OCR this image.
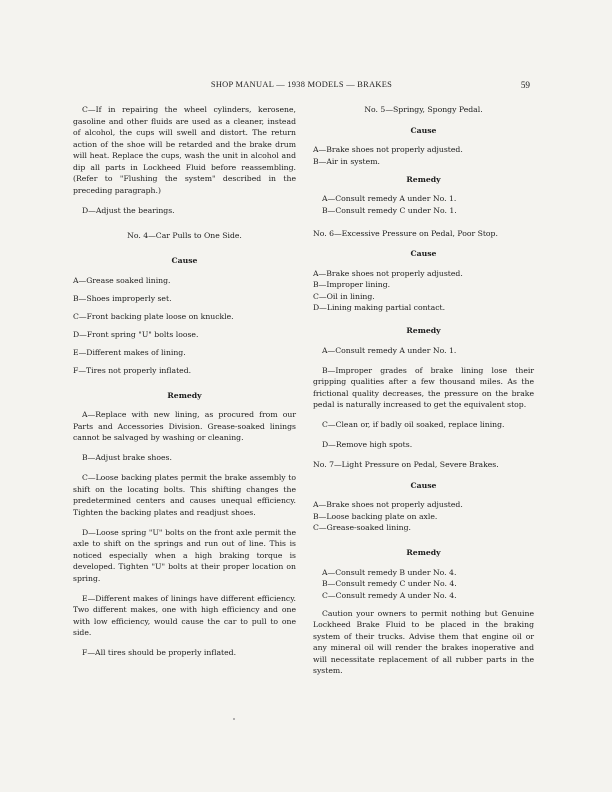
SHOP MANUAL — 1938 MODELS — BRAKES	59

C—If in repairing the wheel cylinders, kerosene, gasoline and other fluids are used as a cleaner, instead of alcohol, the cups will swell and distort. The return action of the shoe will be retarded and the brake drum will heat. Replace the cups, wash the unit in alcohol and dip all parts in Lockheed Fluid before reassembling. (Refer to "Flushing the system" described in the preceding paragraph.)

D—Adjust the bearings.

No. 4—Car Pulls to One Side.
Cause
A—Grease soaked lining.
B—Shoes improperly set.
C—Front backing plate loose on knuckle.
D—Front spring "U" bolts loose.
E—Different makes of lining.
F—Tires not properly inflated.
Remedy

A—Replace with new lining, as procured from our Parts and Accessories Division. Grease-soaked linings cannot be salvaged by washing or cleaning.

B—Adjust brake shoes.

C—Loose backing plates permit the brake assembly to shift on the locating bolts. This shifting changes the predetermined centers and causes unequal efficiency. Tighten the backing plates and readjust shoes.

D—Loose spring "U" bolts on the front axle permit the axle to shift on the springs and run out of line. This is noticed especially when a high braking torque is developed. Tighten "U" bolts at their proper location on spring.

E—Different makes of linings have different efficiency. Two different makes, one with high efficiency and one with low efficiency, would cause the car to pull to one side.

F—All tires should be properly inflated.

No. 5—Springy, Spongy Pedal.
Cause
A—Brake shoes not properly adjusted.
B—Air in system.
Remedy
A—Consult remedy A under No. 1.
B—Consult remedy C under No. 1.
No. 6—Excessive Pressure on Pedal, Poor Stop.
Cause
A—Brake shoes not properly adjusted.
B—Improper lining.
C—Oil in lining.
D—Lining making partial contact.
Remedy

A—Consult remedy A under No. 1.

B—Improper grades of brake lining lose their gripping qualities after a few thousand miles. As the frictional quality decreases, the pressure on the brake pedal is naturally increased to get the equivalent stop.

C—Clean or, if badly oil soaked, replace lining.

D—Remove high spots.

No. 7—Light Pressure on Pedal, Severe Brakes.
Cause
A—Brake shoes not properly adjusted.
B—Loose backing plate on axle.
C—Grease-soaked lining.
Remedy
A—Consult remedy B under No. 4.
B—Consult remedy C under No. 4.
C—Consult remedy A under No. 4.

Caution your owners to permit nothing but Genuine Lockheed Brake Fluid to be placed in the braking system of their trucks. Advise them that engine oil or any mineral oil will render the brakes inoperative and will necessitate replacement of all rubber parts in the system.
